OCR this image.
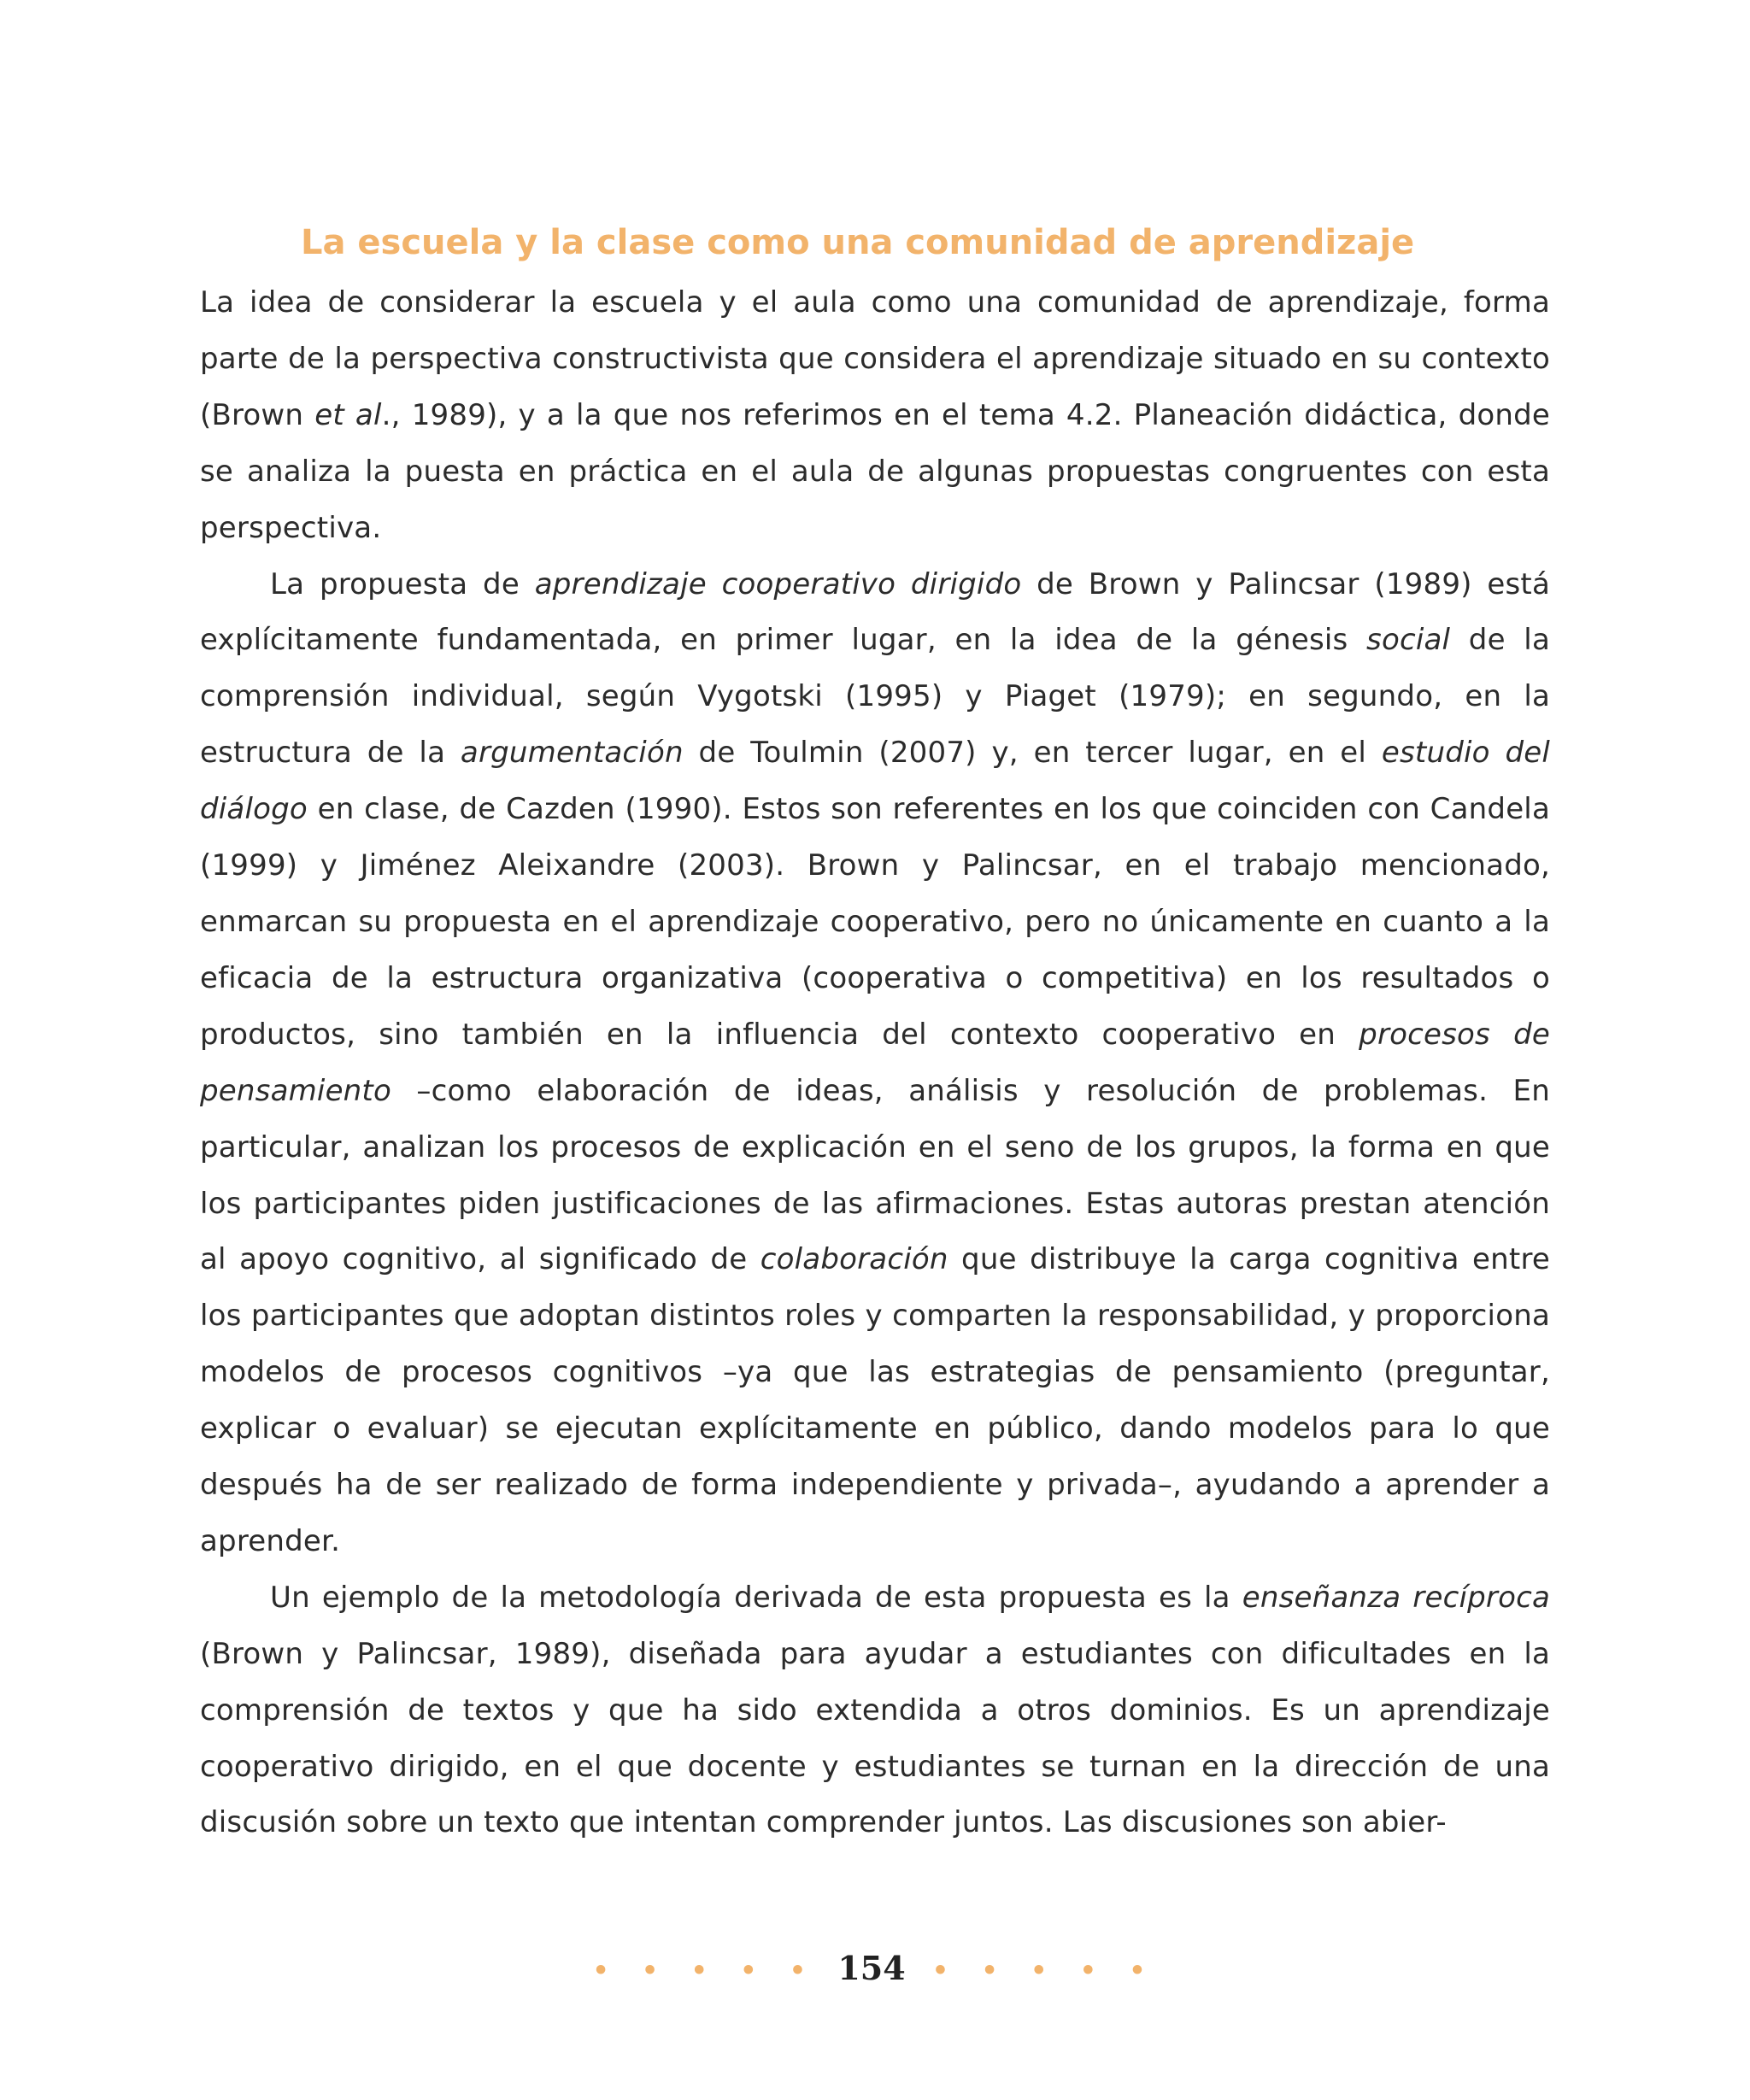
La escuela y la clase como una comunidad de aprendizaje

La idea de considerar la escuela y el aula como una comunidad de aprendizaje, forma parte de la perspectiva constructivista que considera el aprendizaje situado en su contexto (Brown et al., 1989), y a la que nos referimos en el tema 4.2. Planeación didáctica, donde se analiza la puesta en práctica en el aula de algunas propuestas congruentes con esta perspectiva.

La propuesta de aprendizaje cooperativo dirigido de Brown y Palincsar (1989) está explícitamente fundamentada, en primer lugar, en la idea de la génesis social de la comprensión individual, según Vygotski (1995) y Piaget (1979); en segundo, en la estructura de la argumentación de Toulmin (2007) y, en tercer lugar, en el estudio del diálogo en clase, de Cazden (1990). Estos son referentes en los que coinciden con Candela (1999) y Jiménez Aleixandre (2003). Brown y Palincsar, en el trabajo mencionado, enmarcan su propuesta en el aprendizaje cooperativo, pero no únicamente en cuanto a la eficacia de la estructura organizativa (cooperativa o competitiva) en los resultados o productos, sino también en la influencia del contexto cooperativo en procesos de pensamiento –como elaboración de ideas, análisis y resolución de problemas. En particular, analizan los procesos de explicación en el seno de los grupos, la forma en que los participantes piden justificaciones de las afirmaciones. Estas autoras prestan atención al apoyo cognitivo, al significado de colaboración que distribuye la carga cognitiva entre los participantes que adoptan distintos roles y comparten la responsabilidad, y proporciona modelos de procesos cognitivos –ya que las estrategias de pensamiento (preguntar, explicar o evaluar) se ejecutan explícitamente en público, dando modelos para lo que después ha de ser realizado de forma independiente y privada–, ayudando a aprender a aprender.

Un ejemplo de la metodología derivada de esta propuesta es la enseñanza recíproca (Brown y Palincsar, 1989), diseñada para ayudar a estudiantes con dificultades en la comprensión de textos y que ha sido extendida a otros dominios. Es un aprendizaje cooperativo dirigido, en el que docente y estudiantes se turnan en la dirección de una discusión sobre un texto que intentan comprender juntos. Las discusiones son abier-

• • • • • 154 • • • • •
